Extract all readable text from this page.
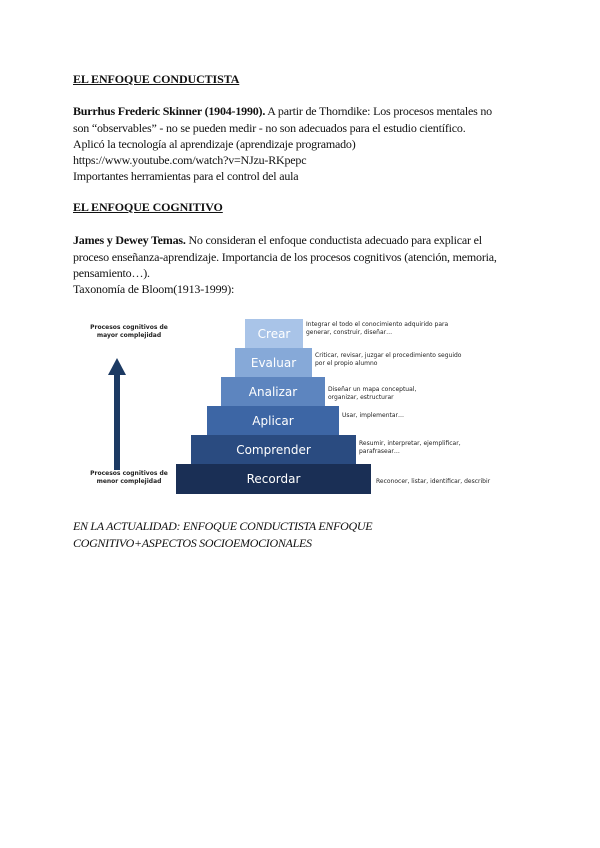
EL ENFOQUE CONDUCTISTA
Burrhus Frederic Skinner (1904-1990). A partir de Thorndike: Los procesos mentales no
son “observables” - no se pueden medir - no son adecuados para el estudio científico.
Aplicó la tecnología al aprendizaje (aprendizaje programado)
https://www.youtube.com/watch?v=NJzu-RKpepc
Importantes herramientas para el control del aula
EL ENFOQUE COGNITIVO
James y Dewey Temas. No consideran el enfoque conductista adecuado para explicar el
proceso enseñanza-aprendizaje. Importancia de los procesos cognitivos (atención, memoria,
pensamiento…).
Taxonomía de Bloom(1913-1999):
Procesos cognitivos de mayor complejidad
Procesos cognitivos de menor complejidad
Crear
Evaluar
Analizar
Aplicar
Comprender
Recordar
Integrar el todo el conocimiento adquirido para
generar, construir, diseñar…
Criticar, revisar, juzgar el procedimiento seguido
por el propio alumno
Diseñar un mapa conceptual,
organizar, estructurar
Usar, implementar…
Resumir, interpretar, ejemplificar,
parafrasear…
Reconocer, listar, identificar, describir
EN LA ACTUALIDAD: ENFOQUE CONDUCTISTA ENFOQUE COGNITIVO+ASPECTOS SOCIOEMOCIONALES
